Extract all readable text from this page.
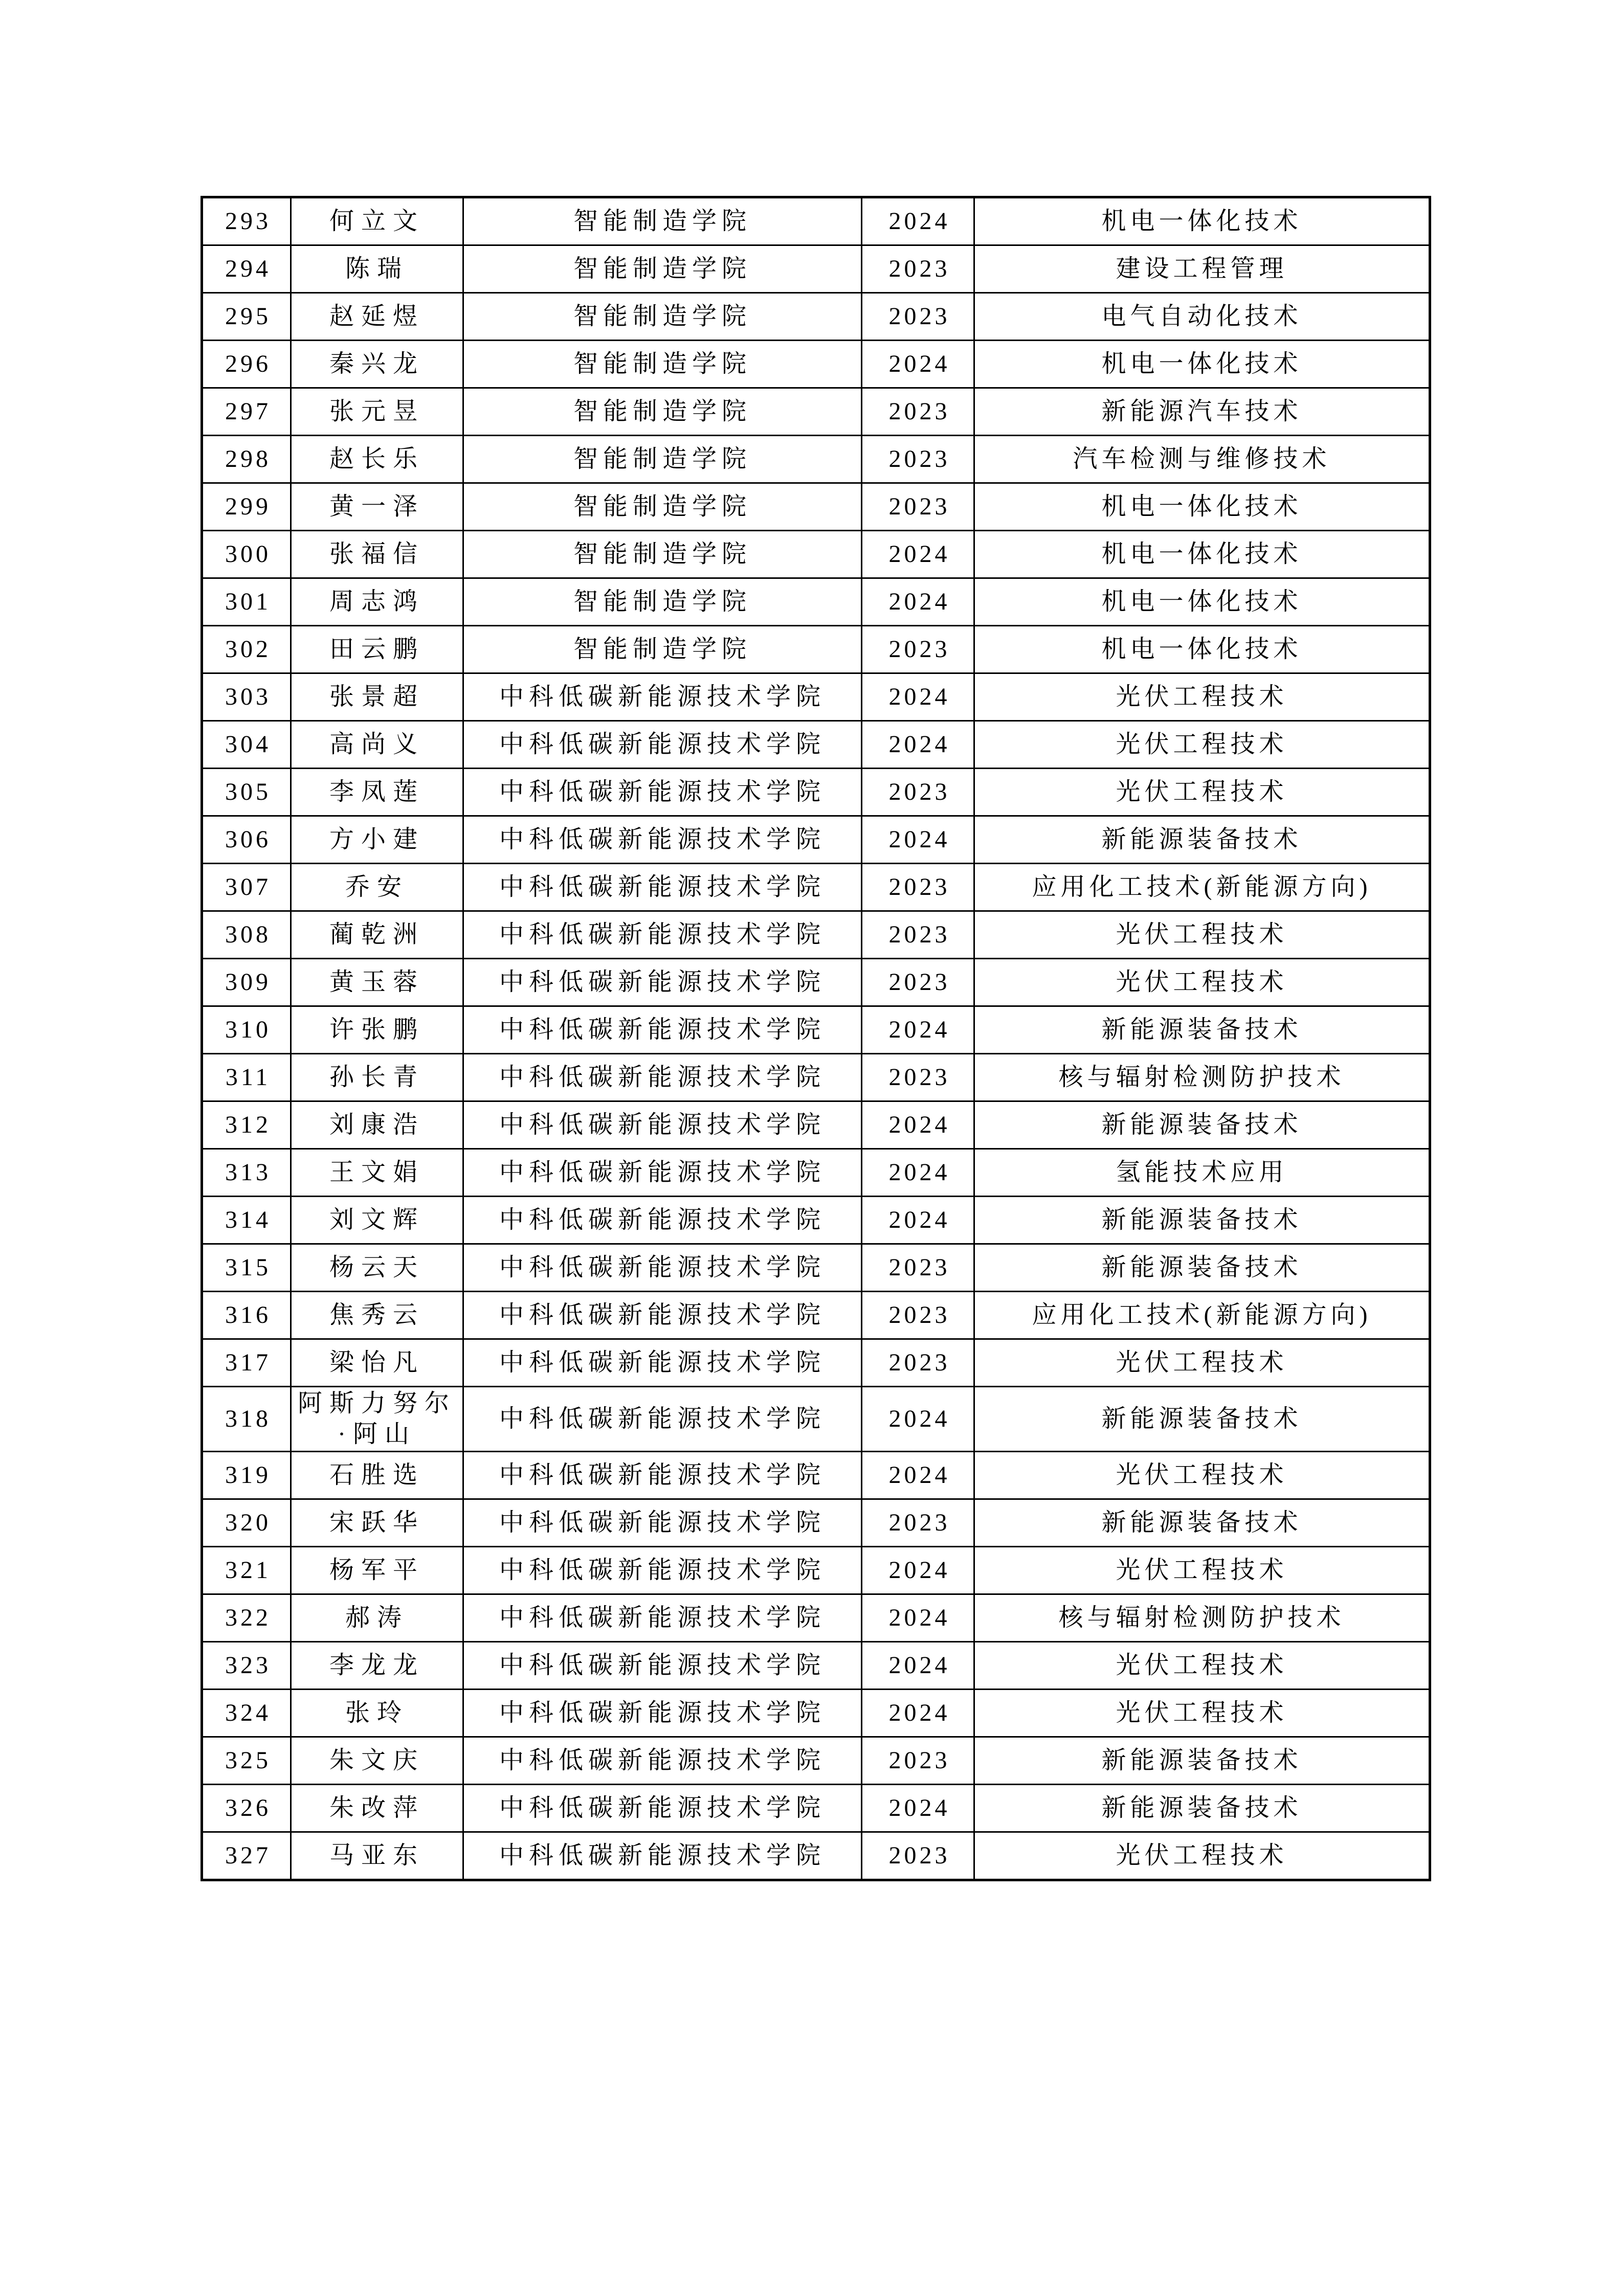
293	何立文	智能制造学院	2024	机电一体化技术
294	陈瑞	智能制造学院	2023	建设工程管理
295	赵延煜	智能制造学院	2023	电气自动化技术
296	秦兴龙	智能制造学院	2024	机电一体化技术
297	张元昱	智能制造学院	2023	新能源汽车技术
298	赵长乐	智能制造学院	2023	汽车检测与维修技术
299	黄一泽	智能制造学院	2023	机电一体化技术
300	张福信	智能制造学院	2024	机电一体化技术
301	周志鸿	智能制造学院	2024	机电一体化技术
302	田云鹏	智能制造学院	2023	机电一体化技术
303	张景超	中科低碳新能源技术学院	2024	光伏工程技术
304	高尚义	中科低碳新能源技术学院	2024	光伏工程技术
305	李凤莲	中科低碳新能源技术学院	2023	光伏工程技术
306	方小建	中科低碳新能源技术学院	2024	新能源装备技术
307	乔安	中科低碳新能源技术学院	2023	应用化工技术(新能源方向)
308	蔺乾洲	中科低碳新能源技术学院	2023	光伏工程技术
309	黄玉蓉	中科低碳新能源技术学院	2023	光伏工程技术
310	许张鹏	中科低碳新能源技术学院	2024	新能源装备技术
311	孙长青	中科低碳新能源技术学院	2023	核与辐射检测防护技术
312	刘康浩	中科低碳新能源技术学院	2024	新能源装备技术
313	王文娟	中科低碳新能源技术学院	2024	氢能技术应用
314	刘文辉	中科低碳新能源技术学院	2024	新能源装备技术
315	杨云天	中科低碳新能源技术学院	2023	新能源装备技术
316	焦秀云	中科低碳新能源技术学院	2023	应用化工技术(新能源方向)
317	梁怡凡	中科低碳新能源技术学院	2023	光伏工程技术
318	阿斯力努尔·阿山	中科低碳新能源技术学院	2024	新能源装备技术
319	石胜选	中科低碳新能源技术学院	2024	光伏工程技术
320	宋跃华	中科低碳新能源技术学院	2023	新能源装备技术
321	杨军平	中科低碳新能源技术学院	2024	光伏工程技术
322	郝涛	中科低碳新能源技术学院	2024	核与辐射检测防护技术
323	李龙龙	中科低碳新能源技术学院	2024	光伏工程技术
324	张玲	中科低碳新能源技术学院	2024	光伏工程技术
325	朱文庆	中科低碳新能源技术学院	2023	新能源装备技术
326	朱改萍	中科低碳新能源技术学院	2024	新能源装备技术
327	马亚东	中科低碳新能源技术学院	2023	光伏工程技术
